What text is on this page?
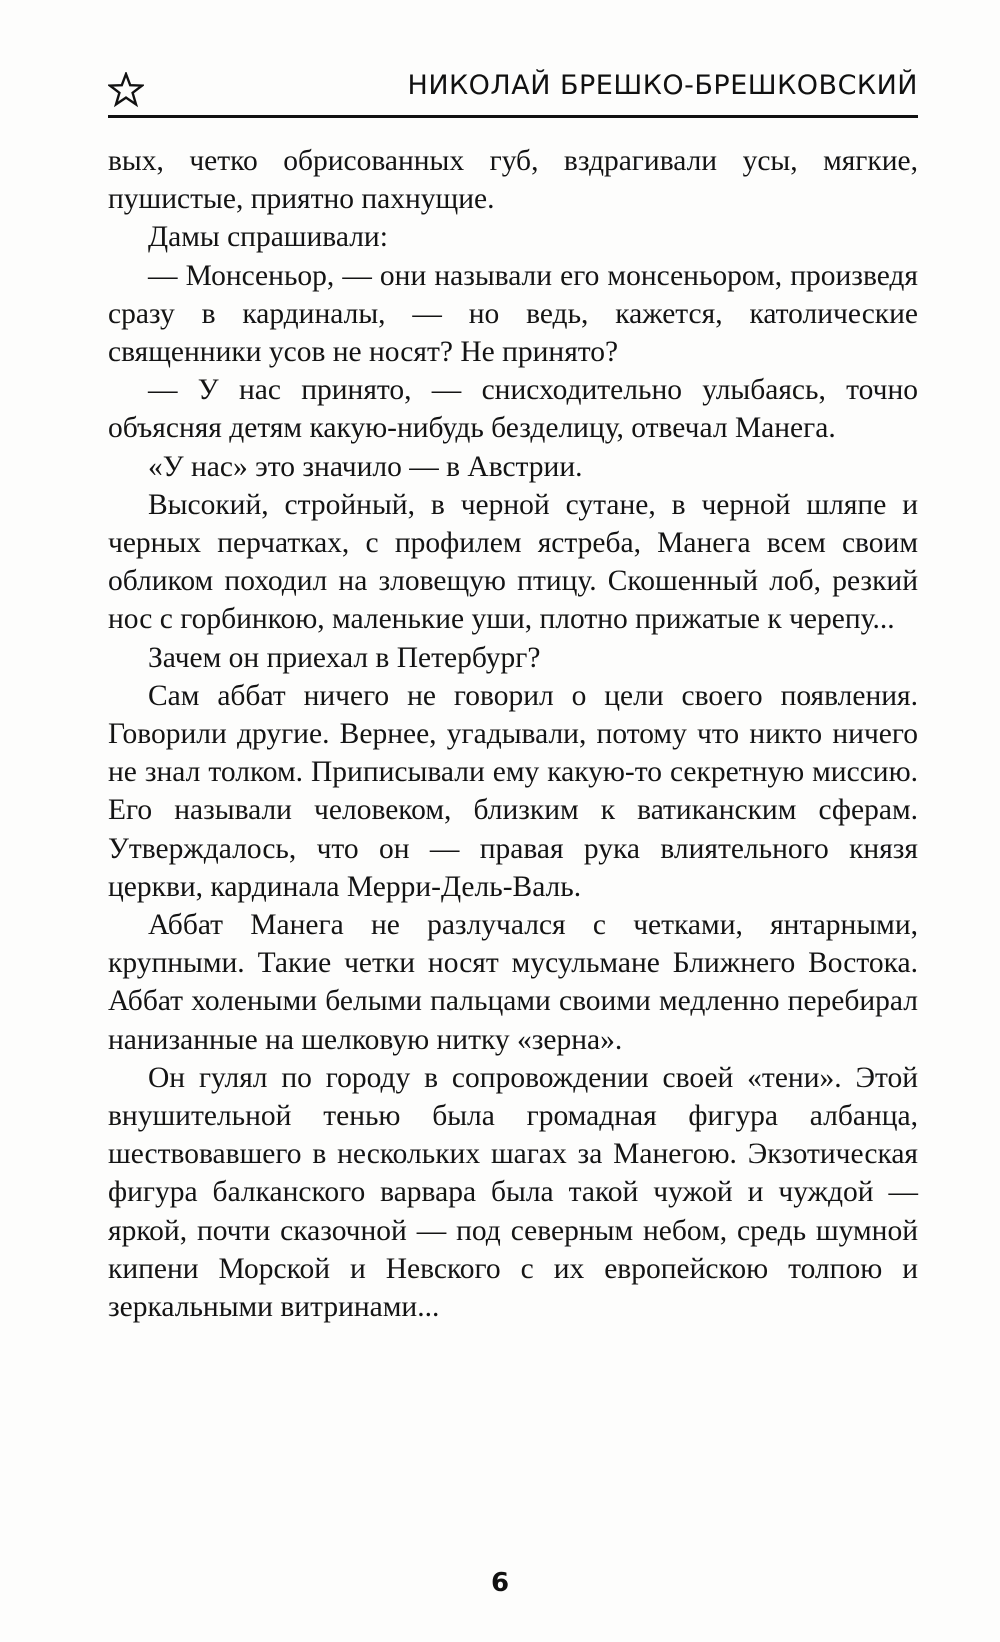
НИКОЛАЙ БРЕШКО-БРЕШКОВСКИЙ

вых, четко обрисованных губ, вздрагивали усы, мягкие, пушистые, приятно пахнущие.

Дамы спрашивали:

— Монсеньор, — они называли его монсеньором, произведя сразу в кардиналы, — но ведь, кажется, католические священники усов не носят? Не принято?

— У нас принято, — снисходительно улыбаясь, точно объясняя детям какую-нибудь безделицу, отвечал Манега.

«У нас» это значило — в Австрии.

Высокий, стройный, в черной сутане, в черной шляпе и черных перчатках, с профилем ястреба, Манега всем своим обликом походил на зловещую птицу. Скошенный лоб, резкий нос с горбинкою, маленькие уши, плотно прижатые к черепу...

Зачем он приехал в Петербург?

Сам аббат ничего не говорил о цели своего появления. Говорили другие. Вернее, угадывали, потому что никто ничего не знал толком. Приписывали ему какую-то секретную миссию. Его называли человеком, близким к ватиканским сферам. Утверждалось, что он — правая рука влиятельного князя церкви, кардинала Мерри-Дель-Валь.

Аббат Манега не разлучался с четками, янтарными, крупными. Такие четки носят мусульмане Ближнего Востока. Аббат холеными белыми пальцами своими медленно перебирал нанизанные на шелковую нитку «зерна».

Он гулял по городу в сопровождении своей «тени». Этой внушительной тенью была громадная фигура албанца, шествовавшего в нескольких шагах за Манегою. Экзотическая фигура балканского варвара была такой чужой и чуждой — яркой, почти сказочной — под северным небом, средь шумной кипени Морской и Невского с их европейскою толпою и зеркальными витринами...

6
